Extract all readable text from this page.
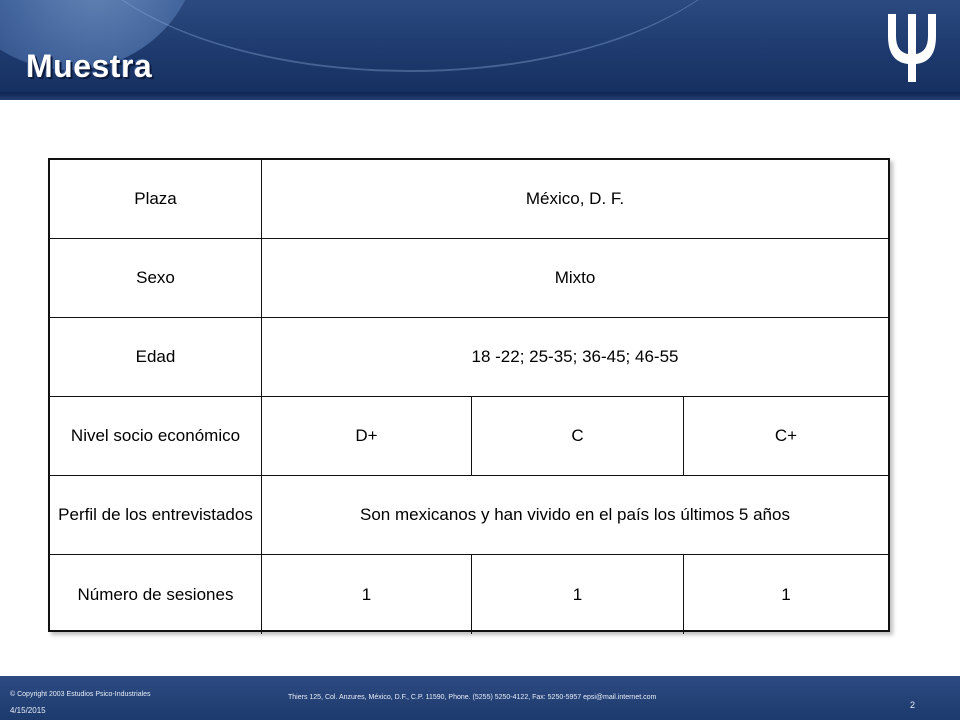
Muestra
Plaza	México, D. F.
Sexo	Mixto
Edad	18 -22; 25-35; 36-45; 46-55
Nivel socio económico	D+	C	C+
Perfil de los entrevistados	Son mexicanos y han vivido en el país los últimos 5 años
Número de sesiones	1	1	1
© Copyright 2003 Estudios Psico-Industriales
4/15/2015
Thiers 125, Col. Anzures, México, D.F., C.P. 11590, Phone. (5255) 5250-4122, Fax: 5250-5957 epsi@mail.internet.com
2
